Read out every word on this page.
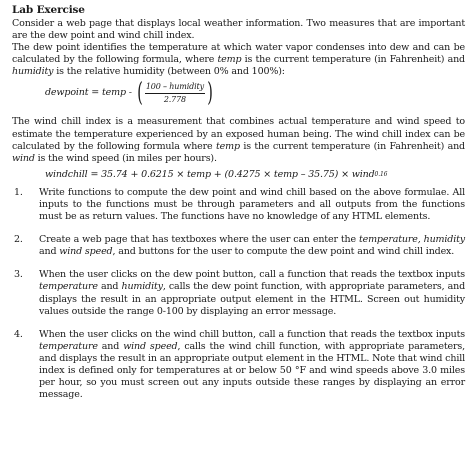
Lab Exercise

Consider a web page that displays local weather information. Two measures that are important are the dew point and wind chill index.

The dew point identifies the temperature at which water vapor condenses into dew and can be calculated by the following formula, where temp is the current temperature (in Fahrenheit) and humidity is the relative humidity (between 0% and 100%):

dewpoint = temp - ( $\frac{\text{100 – humidity}}{2.778}$ )

The wind chill index is a measurement that combines actual temperature and wind speed to estimate the temperature experienced by an exposed human being. The wind chill index can be calculated by the following formula where temp is the current temperature (in Fahrenheit) and wind is the wind speed (in miles per hours).

windchill = 35.74 + 0.6215 × temp + (0.4275 × temp – 35.75) × wind 0.16
1.	Write functions to compute the dew point and wind chill based on the above formulae. All inputs to the functions must be through parameters and all outputs from the functions must be as return values. The functions have no knowledge of any HTML elements.
2.	Create a web page that has textboxes where the user can enter the temperature, humidity and wind speed, and buttons for the user to compute the dew point and wind chill index.
3.	When the user clicks on the dew point button, call a function that reads the textbox inputs temperature and humidity, calls the dew point function, with appropriate parameters, and displays the result in an appropriate output element in the HTML. Screen out humidity values outside the range 0-100 by displaying an error message.
4.	When the user clicks on the wind chill button, call a function that reads the textbox inputs temperature and wind speed, calls the wind chill function, with appropriate parameters, and displays the result in an appropriate output element in the HTML. Note that wind chill index is defined only for temperatures at or below 50 °F and wind speeds above 3.0 miles per hour, so you must screen out any inputs outside these ranges by displaying an error message.
